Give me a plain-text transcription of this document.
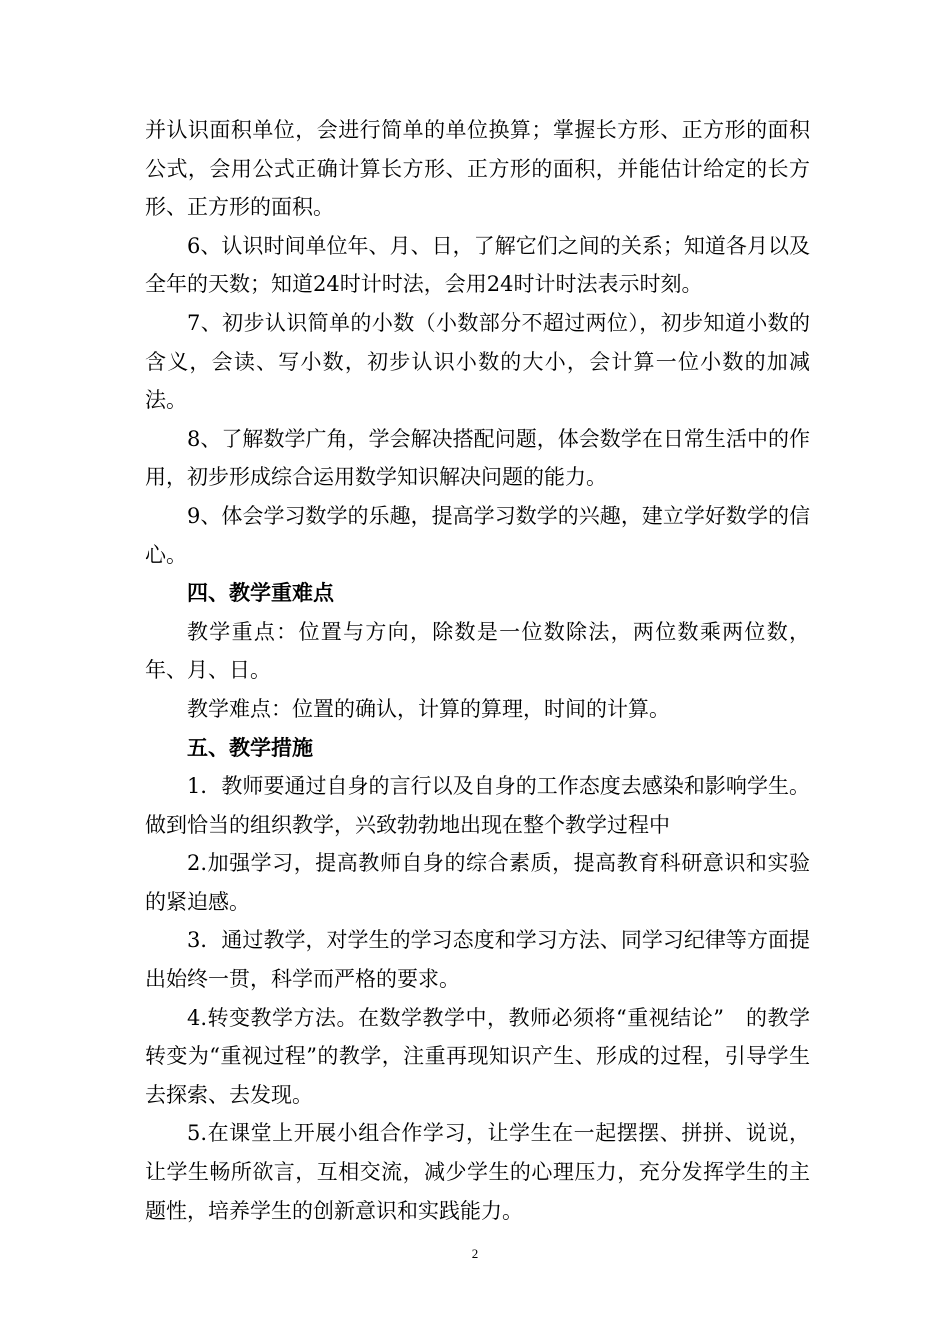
并认识面积单位，会进行简单的单位换算；掌握长方形、正方形的面积公式，会用公式正确计算长方形、正方形的面积，并能估计给定的长方形、正方形的面积。

6、认识时间单位年、月、日，了解它们之间的关系；知道各月以及全年的天数；知道24时计时法，会用24时计时法表示时刻。

7、初步认识简单的小数（小数部分不超过两位），初步知道小数的含义，会读、写小数，初步认识小数的大小，会计算一位小数的加减法。

8、了解数学广角，学会解决搭配问题，体会数学在日常生活中的作用，初步形成综合运用数学知识解决问题的能力。

9、体会学习数学的乐趣，提高学习数学的兴趣，建立学好数学的信心。

四、教学重难点

教学重点：位置与方向，除数是一位数除法，两位数乘两位数，年、月、日。

教学难点：位置的确认，计算的算理，时间的计算。

五、教学措施

1．教师要通过自身的言行以及自身的工作态度去感染和影响学生。做到恰当的组织教学，兴致勃勃地出现在整个教学过程中

2.加强学习，提高教师自身的综合素质，提高教育科研意识和实验的紧迫感。

3．通过教学，对学生的学习态度和学习方法、同学习纪律等方面提出始终一贯，科学而严格的要求。

4.转变教学方法。在数学教学中，教师必须将“重视结论”　的教学转变为“重视过程”的教学，注重再现知识产生、形成的过程，引导学生去探索、去发现。

5.在课堂上开展小组合作学习，让学生在一起摆摆、拼拼、说说，让学生畅所欲言，互相交流，减少学生的心理压力，充分发挥学生的主题性，培养学生的创新意识和实践能力。

2
